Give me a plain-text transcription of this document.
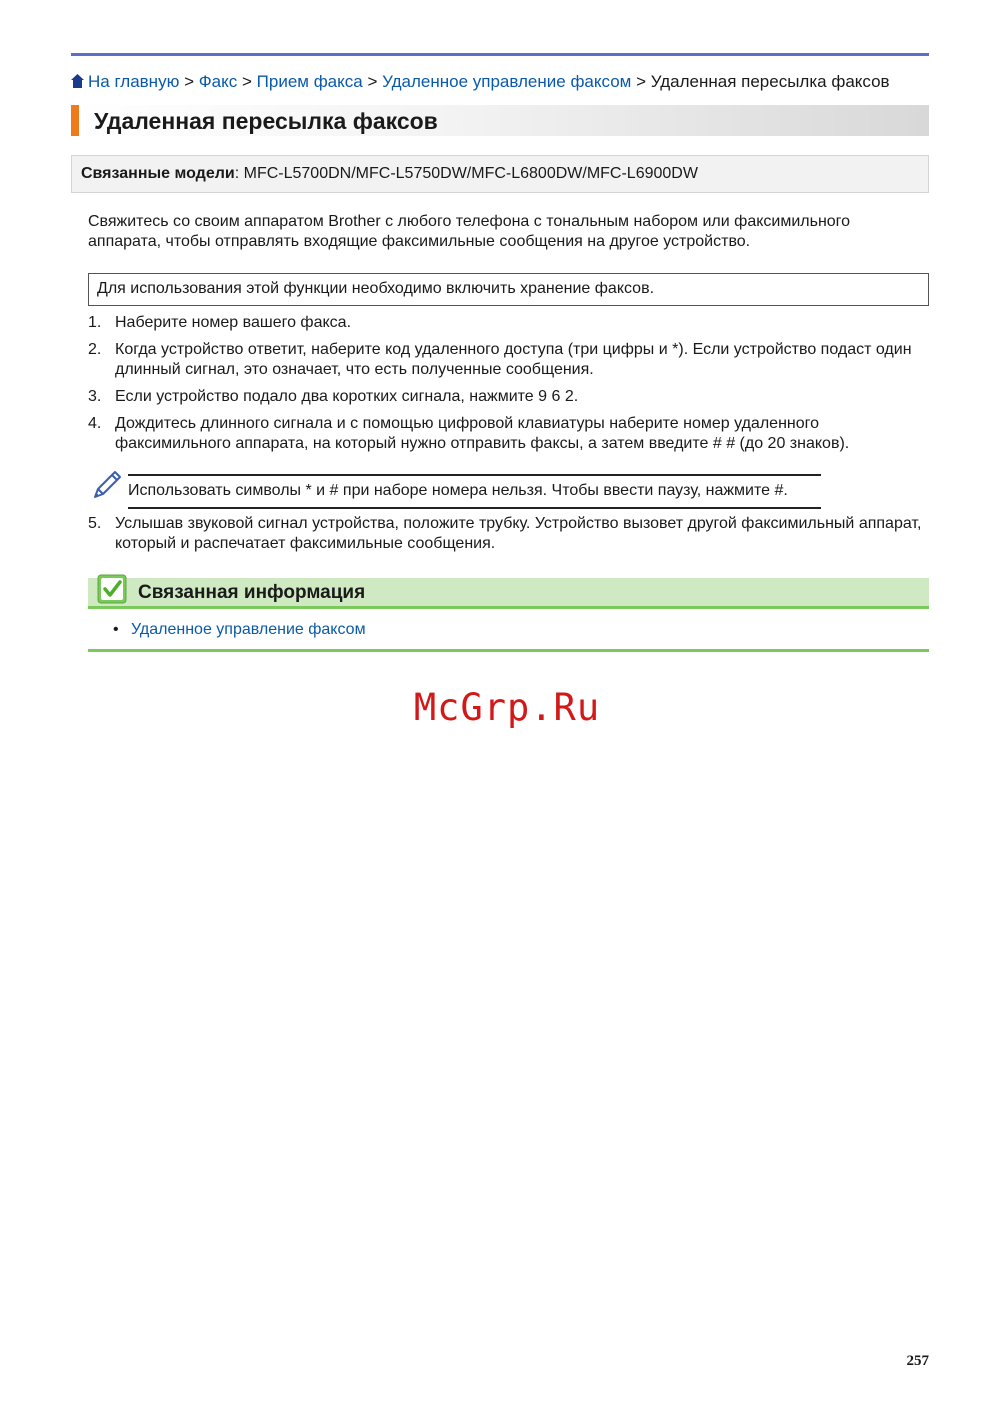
На главную > Факс > Прием факса > Удаленное управление факсом > Удаленная пересылка факсов
Удаленная пересылка факсов
Связанные модели: MFC-L5700DN/MFC-L5750DW/MFC-L6800DW/MFC-L6900DW

Свяжитесь со своим аппаратом Brother с любого телефона с тональным набором или факсимильного аппарата, чтобы отправлять входящие факсимильные сообщения на другое устройство.

Для использования этой функции необходимо включить хранение факсов.
1. Наберите номер вашего факса.
2. Когда устройство ответит, наберите код удаленного доступа (три цифры и *). Если устройство подаст один длинный сигнал, это означает, что есть полученные сообщения.
3. Если устройство подало два коротких сигнала, нажмите 9 6 2.
4. Дождитесь длинного сигнала и с помощью цифровой клавиатуры наберите номер удаленного факсимильного аппарата, на который нужно отправить факсы, а затем введите # # (до 20 знаков).
Использовать символы * и # при наборе номера нельзя. Чтобы ввести паузу, нажмите #.
5. Услышав звуковой сигнал устройства, положите трубку. Устройство вызовет другой факсимильный аппарат, который и распечатает факсимильные сообщения.
Связанная информация
• Удаленное управление факсом
McGrp.Ru
257
